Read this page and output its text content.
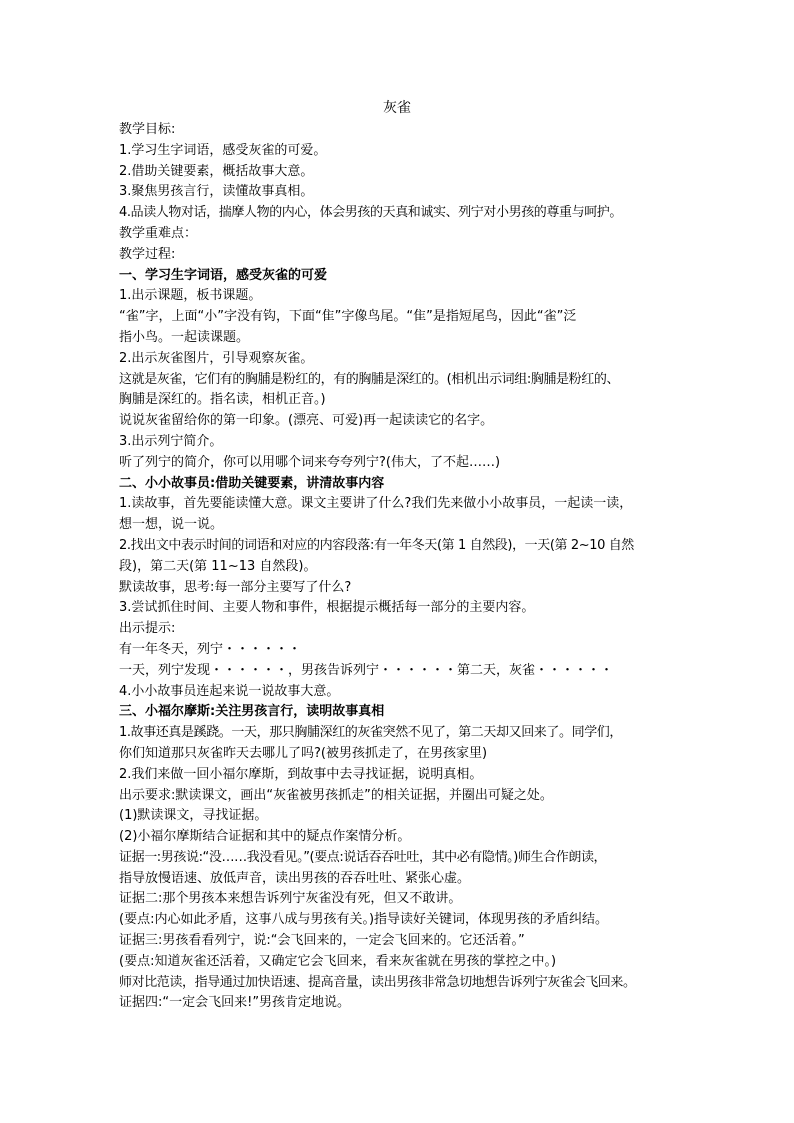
灰雀
教学目标:
1.学习生字词语，感受灰雀的可爱。
2.借助关键要素，概括故事大意。
3.聚焦男孩言行，读懂故事真相。
4.品读人物对话，揣摩人物的内心，体会男孩的天真和诚实、列宁对小男孩的尊重与呵护。
教学重难点：
教学过程:
一、学习生字词语，感受灰雀的可爱
1.出示课题，板书课题。
“雀”字，上面“小”字没有钩，下面“隹”字像鸟尾。“隹”是指短尾鸟，因此“雀”泛
指小鸟。一起读课题。
2.出示灰雀图片，引导观察灰雀。
这就是灰雀，它们有的胸脯是粉红的，有的胸脯是深红的。(相机出示词组:胸脯是粉红的、
胸脯是深红的。指名读，相机正音。)
说说灰雀留给你的第一印象。(漂亮、可爱)再一起读读它的名字。
3.出示列宁简介。
听了列宁的简介，你可以用哪个词来夸夸列宁?(伟大，了不起……)
二、小小故事员:借助关键要素，讲清故事内容
1.读故事，首先要能读懂大意。课文主要讲了什么?我们先来做小小故事员，一起读一读，
想一想，说一说。
2.找出文中表示时间的词语和对应的内容段落:有一年冬天(第 1 自然段)，一天(第 2~10 自然
段)，第二天(第 11~13 自然段)。
默读故事，思考:每一部分主要写了什么?
3.尝试抓住时间、主要人物和事件，根据提示概括每一部分的主要内容。
出示提示:
有一年冬天，列宁・・・・・・
一天，列宁发现・・・・・・，男孩告诉列宁・・・・・・第二天，灰雀・・・・・・
4.小小故事员连起来说一说故事大意。
三、小福尔摩斯:关注男孩言行，读明故事真相
1.故事还真是蹊跷。一天，那只胸脯深红的灰雀突然不见了，第二天却又回来了。同学们，
你们知道那只灰雀昨天去哪儿了吗?(被男孩抓走了，在男孩家里)
2.我们来做一回小福尔摩斯，到故事中去寻找证据，说明真相。
出示要求:默读课文，画出“灰雀被男孩抓走”的相关证据，并圈出可疑之处。
(1)默读课文，寻找证据。
(2)小福尔摩斯结合证据和其中的疑点作案情分析。
证据一:男孩说:“没……我没看见。”(要点:说话吞吞吐吐，其中必有隐情。)师生合作朗读，
指导放慢语速、放低声音，读出男孩的吞吞吐吐、紧张心虚。
证据二:那个男孩本来想告诉列宁灰雀没有死，但又不敢讲。
(要点:内心如此矛盾，这事八成与男孩有关。)指导读好关键词，体现男孩的矛盾纠结。
证据三:男孩看看列宁，说:“会飞回来的，一定会飞回来的。它还活着。”
(要点:知道灰雀还活着，又确定它会飞回来，看来灰雀就在男孩的掌控之中。)
师对比范读，指导通过加快语速、提高音量，读出男孩非常急切地想告诉列宁灰雀会飞回来。
证据四:“一定会飞回来!”男孩肯定地说。
